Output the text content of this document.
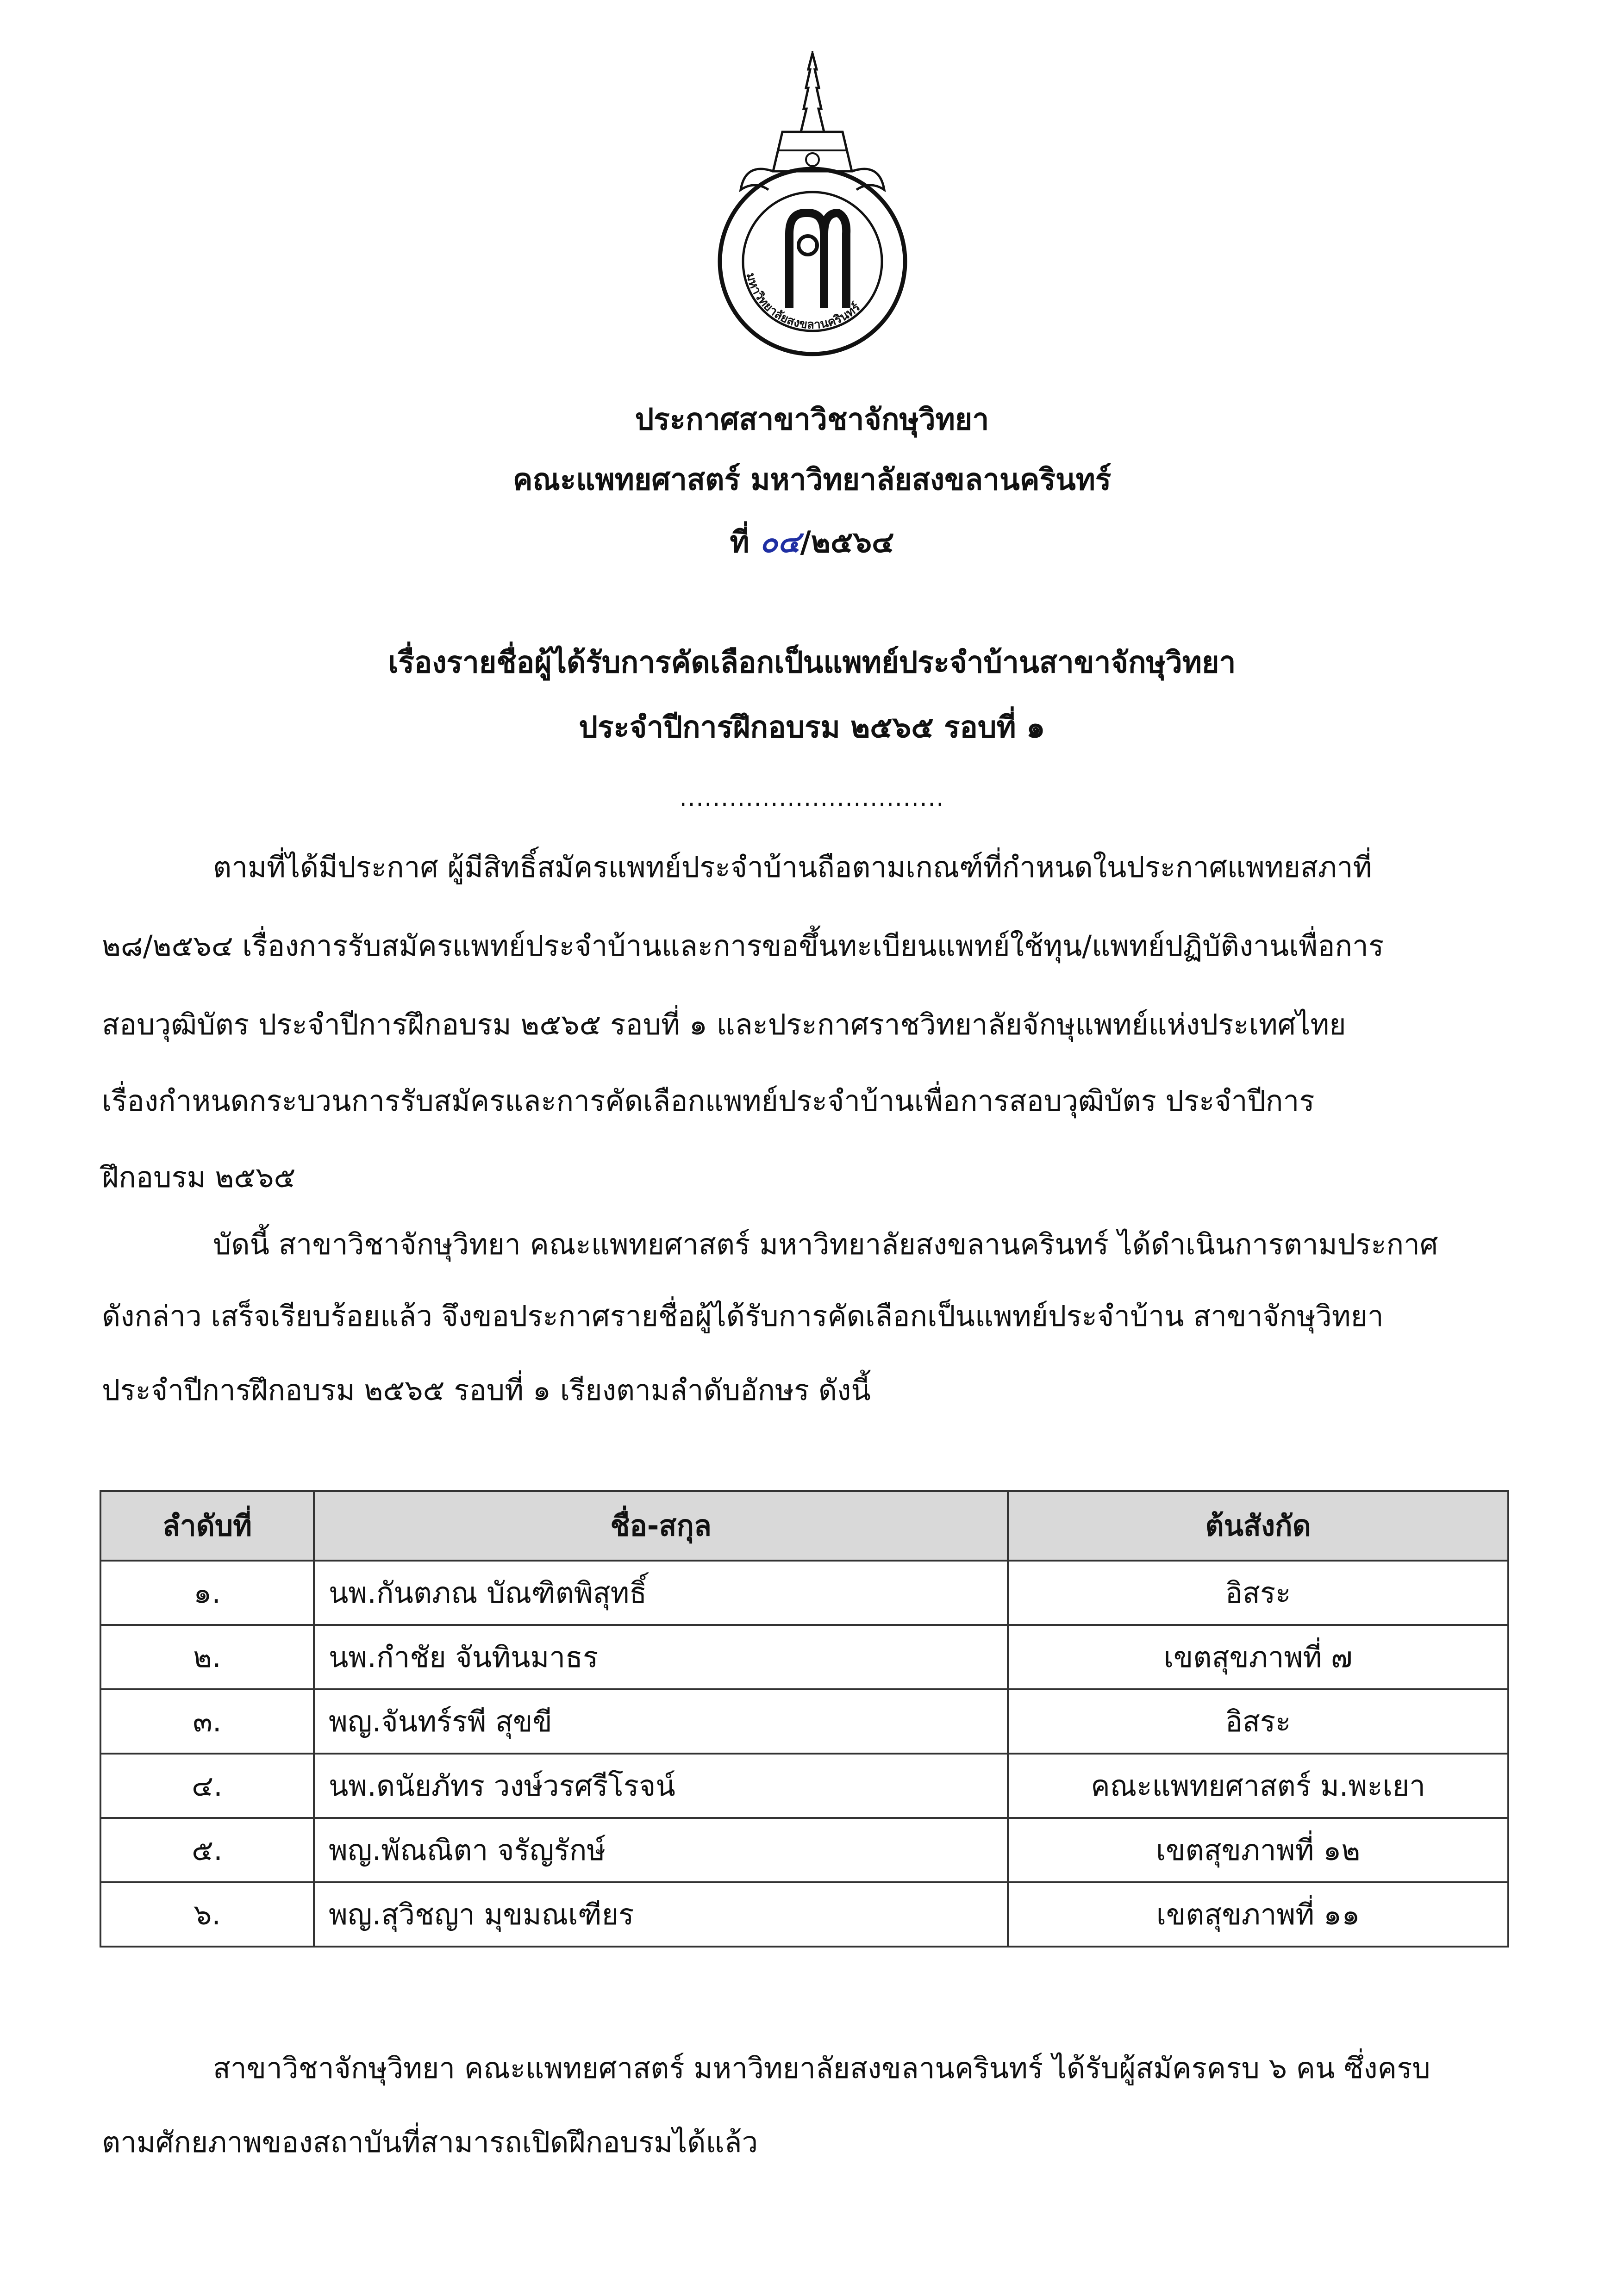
มหาวิทยาลัยสงขลานครินทร์
ประกาศสาขาวิชาจักษุวิทยา
คณะแพทยศาสตร์ มหาวิทยาลัยสงขลานครินทร์
ที่ ๐๔/๒๕๖๔
เรื่องรายชื่อผู้ได้รับการคัดเลือกเป็นแพทย์ประจำบ้านสาขาจักษุวิทยา
ประจำปีการฝึกอบรม ๒๕๖๕ รอบที่ ๑
................................
ตามที่ได้มีประกาศ ผู้มีสิทธิ์สมัครแพทย์ประจำบ้านถือตามเกณฑ์ที่กำหนดในประกาศแพทยสภาที่
๒๘/๒๕๖๔ เรื่องการรับสมัครแพทย์ประจำบ้านและการขอขึ้นทะเบียนแพทย์ใช้ทุน/แพทย์ปฏิบัติงานเพื่อการ
สอบวุฒิบัตร ประจำปีการฝึกอบรม ๒๕๖๕ รอบที่ ๑ และประกาศราชวิทยาลัยจักษุแพทย์แห่งประเทศไทย
เรื่องกำหนดกระบวนการรับสมัครและการคัดเลือกแพทย์ประจำบ้านเพื่อการสอบวุฒิบัตร ประจำปีการ
ฝึกอบรม ๒๕๖๕
บัดนี้ สาขาวิชาจักษุวิทยา คณะแพทยศาสตร์ มหาวิทยาลัยสงขลานครินทร์ ได้ดำเนินการตามประกาศ
ดังกล่าว เสร็จเรียบร้อยแล้ว จึงขอประกาศรายชื่อผู้ได้รับการคัดเลือกเป็นแพทย์ประจำบ้าน สาขาจักษุวิทยา
ประจำปีการฝึกอบรม ๒๕๖๕ รอบที่ ๑ เรียงตามลำดับอักษร ดังนี้
ลำดับที่	ชื่อ-สกุล	ต้นสังกัด
๑.	นพ.กันตภณ บัณฑิตพิสุทธิ์	อิสระ
๒.	นพ.กำชัย จันทินมาธร	เขตสุขภาพที่ ๗
๓.	พญ.จันทร์รพี สุขขี	อิสระ
๔.	นพ.ดนัยภัทร วงษ์วรศรีโรจน์	คณะแพทยศาสตร์ ม.พะเยา
๕.	พญ.พัณณิตา จรัญรักษ์	เขตสุขภาพที่ ๑๒
๖.	พญ.สุวิชญา มุขมณเฑียร	เขตสุขภาพที่ ๑๑
สาขาวิชาจักษุวิทยา คณะแพทยศาสตร์ มหาวิทยาลัยสงขลานครินทร์ ได้รับผู้สมัครครบ ๖ คน ซึ่งครบ
ตามศักยภาพของสถาบันที่สามารถเปิดฝึกอบรมได้แล้ว
